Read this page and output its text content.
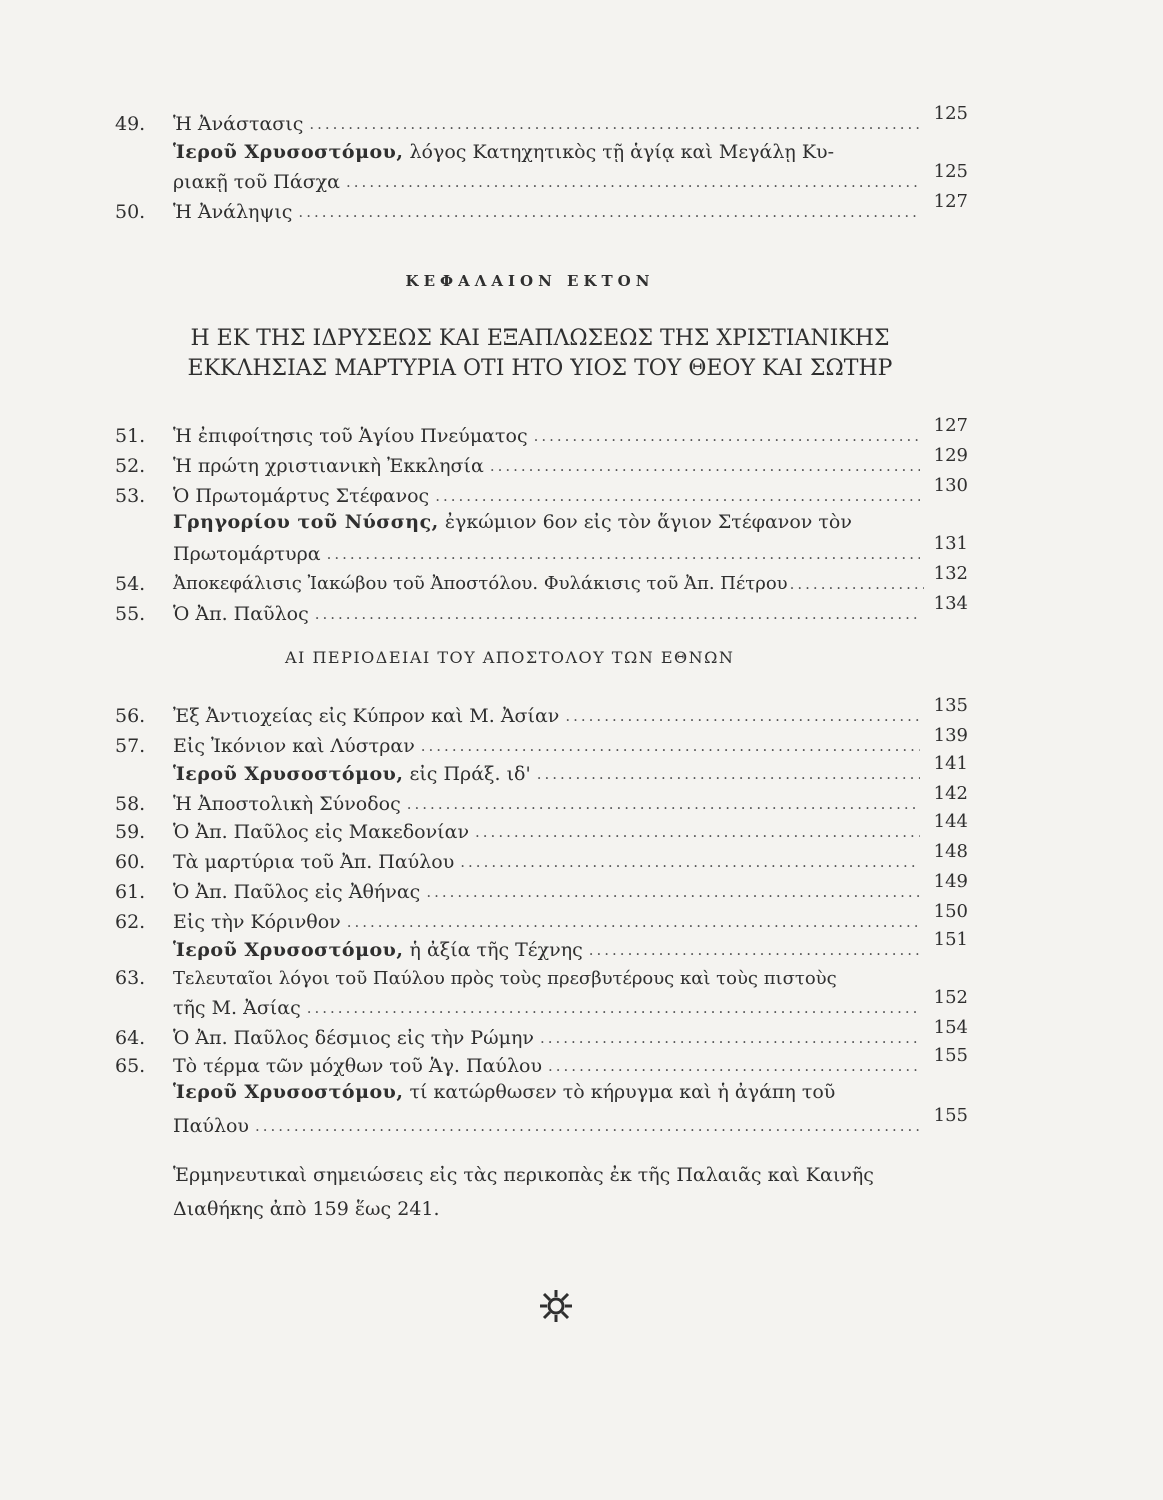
49.	Ἡ Ἀνάστασις .....	125
Ἱεροῦ Χρυσοστόμου, λόγος Κατηχητικὸς τῇ ἁγίᾳ καὶ Μεγάλῃ Κυ-
ριακῇ τοῦ Πάσχα .....	125
50.	Ἡ Ἀνάληψις .....	127
ΚΕΦΑΛΑΙΟΝ ΕΚΤΟΝ
Η ΕΚ ΤΗΣ ΙΔΡΥΣΕΩΣ ΚΑΙ ΕΞΑΠΛΩΣΕΩΣ ΤΗΣ ΧΡΙΣΤΙΑΝΙΚΗΣ
ΕΚΚΛΗΣΙΑΣ ΜΑΡΤΥΡΙΑ ΟΤΙ ΗΤΟ ΥΙΟΣ ΤΟΥ ΘΕΟΥ ΚΑΙ ΣΩΤΗΡ
51.	Ἡ ἐπιφοίτησις τοῦ Ἁγίου Πνεύματος .....	127
52.	Ἡ πρώτη χριστιανικὴ Ἐκκλησία .....	129
53.	Ὁ Πρωτομάρτυς Στέφανος .....	130
Γρηγορίου τοῦ Νύσσης, ἐγκώμιον 6ον εἰς τὸν ἅγιον Στέφανον τὸν
Πρωτομάρτυρα .....	131
54.	Ἀποκεφάλισις Ἰακώβου τοῦ Ἀποστόλου. Φυλάκισις τοῦ Ἀπ. Πέτρου .....	132
55.	Ὁ Ἀπ. Παῦλος .....	134
ΑΙ ΠΕΡΙΟΔΕΙΑΙ ΤΟΥ ΑΠΟΣΤΟΛΟΥ ΤΩΝ ΕΘΝΩΝ
56.	Ἐξ Ἀντιοχείας εἰς Κύπρον καὶ Μ. Ἀσίαν .....	135
57.	Εἰς Ἰκόνιον καὶ Λύστραν .....	139
Ἱεροῦ Χρυσοστόμου, εἰς Πράξ. ιδ' .....	141
58.	Ἡ Ἀποστολικὴ Σύνοδος .....	142
59.	Ὁ Ἀπ. Παῦλος εἰς Μακεδονίαν .....	144
60.	Τὰ μαρτύρια τοῦ Ἀπ. Παύλου .....	148
61.	Ὁ Ἀπ. Παῦλος εἰς Ἀθήνας .....	149
62.	Εἰς τὴν Κόρινθον .....	150
Ἱεροῦ Χρυσοστόμου, ἡ ἀξία τῆς Τέχνης .....	151
63. Τελευταῖοι λόγοι τοῦ Παύλου πρὸς τοὺς πρεσβυτέρους καὶ τοὺς πιστοὺς
τῆς Μ. Ἀσίας .....	152
64.	Ὁ Ἀπ. Παῦλος δέσμιος εἰς τὴν Ρώμην .....	154
65.	Τὸ τέρμα τῶν μόχθων τοῦ Ἁγ. Παύλου .....	155
Ἱεροῦ Χρυσοστόμου, τί κατώρθωσεν τὸ κήρυγμα καὶ ἡ ἀγάπη τοῦ
Παύλου .....	155
Ἑρμηνευτικαὶ σημειώσεις εἰς τὰς περικοπὰς ἐκ τῆς Παλαιᾶς καὶ Καινῆς
Διαθήκης ἀπὸ 159 ἕως 241.
